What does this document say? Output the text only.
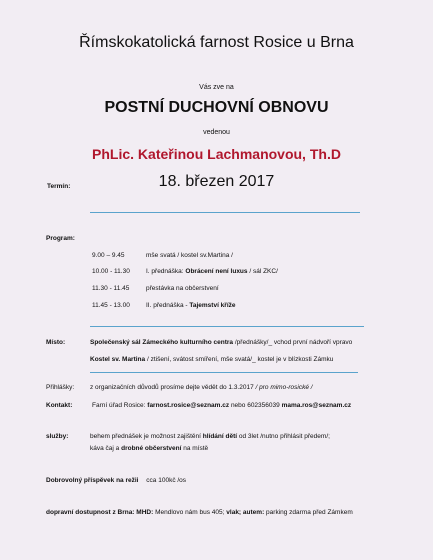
Římskokatolická farnost Rosice u Brna
Vás zve na
POSTNÍ DUCHOVNÍ OBNOVU
vedenou
PhLic. Kateřinou Lachmanovou, Th.D
Termín:	18. březen 2017
Program:
9.00 – 9.45	mše svatá / kostel sv.Martina /
10.00 - 11.30 I. přednáška: Obrácení není luxus / sál ZKC/
11.30 - 11.45	přestávka na občerstvení
11.45 - 13.00 II. přednáška - Tajemství kříže
Místo:	Společenský sál Zámeckého kulturního centra /přednášky/_ vchod první nádvoří vpravo
Kostel sv. Martina / ztišení, svátost smíření, mše svatá/_ kostel je v blízkosti Zámku
Přihlášky: z organizačních důvodů prosíme dejte vědět do 1.3.2017 / pro mimo-rosické /
Kontakt:	Farní úřad Rosice: farnost.rosice@seznam.cz nebo 602356039 mama.ros@seznam.cz
služby:	behem přednášek je možnost zajištění hlídání dětí od 3let /nutno přihlásit předem/;
káva čaj a drobné občerstvení na místě
Dobrovolný příspěvek na režii cca 100kč /os
dopravní dostupnost z Brna: MHD: Mendlovo nám bus 405; vlak; autem: parking zdarma před Zámkem
